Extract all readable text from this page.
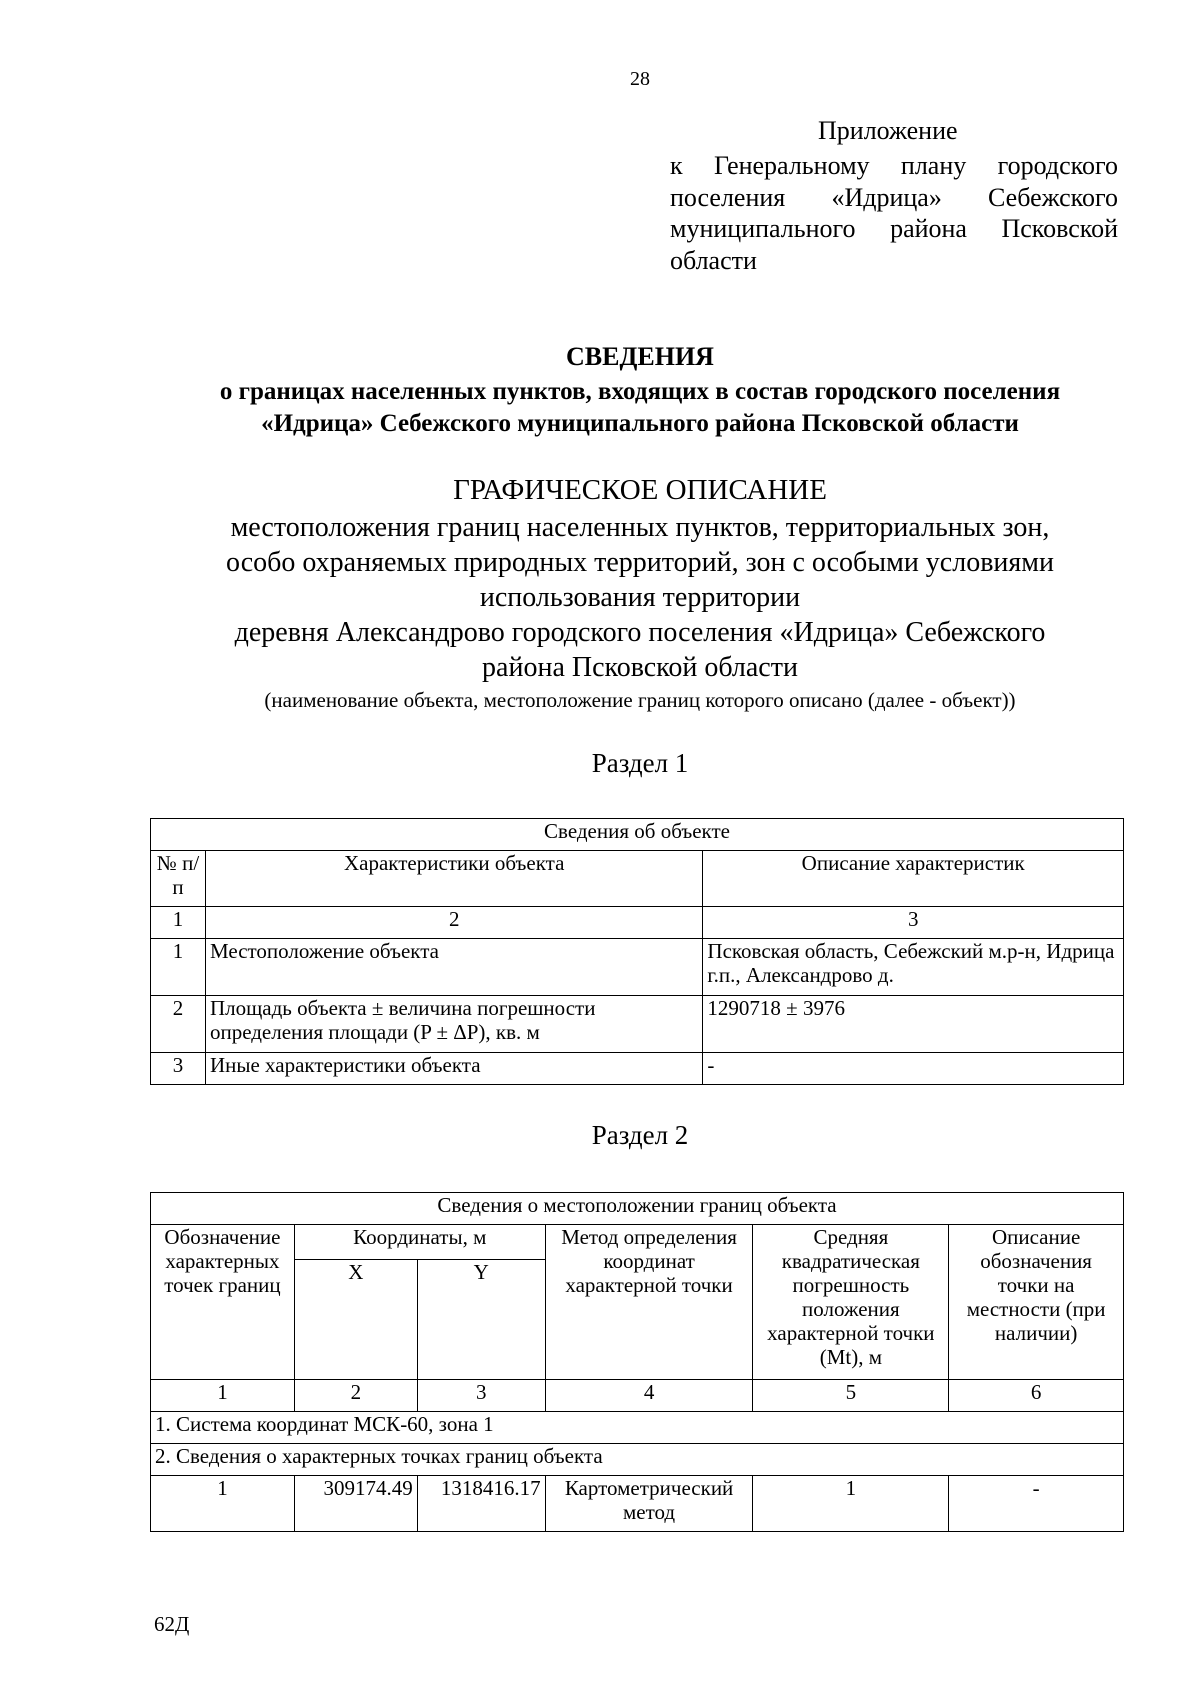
28
Приложение
к Генеральному плану городского
поселения «Идрица» Себежского
муниципального района Псковской
области
СВЕДЕНИЯ
о границах населенных пунктов, входящих в состав городского поселения
«Идрица» Себежского муниципального района Псковской области
ГРАФИЧЕСКОЕ ОПИСАНИЕ
местоположения границ населенных пунктов, территориальных зон,
особо охраняемых природных территорий, зон с особыми условиями
использования территории
деревня Александрово городского поселения «Идрица» Себежского
района Псковской области
(наименование объекта, местоположение границ которого описано (далее - объект))
Раздел 1
Сведения об объекте		
№ п/п	Характеристики объекта	Описание характеристик
1	2	3
1	Местоположение объекта	Псковская область, Себежский м.р-н, Идрица г.п., Александрово д.
2	Площадь объекта ± величина погрешности определения площади (P ± ΔP), кв. м	1290718 ± 3976
3	Иные характеристики объекта	-
Раздел 2
Сведения о местоположении границ объекта					
Обозначение характерных точек границ	Координаты, м		Метод определения координат характерной точки	Средняя квадратическая погрешность положения характерной точки (Mt), м	Описание обозначения точки на местности (при наличии)
	X	Y			
1	2	3	4	5	6
1. Система координат МСК-60, зона 1					
2. Сведения о характерных точках границ объекта					
1	309174.49	1318416.17	Картометрический метод	1	-
62Д
